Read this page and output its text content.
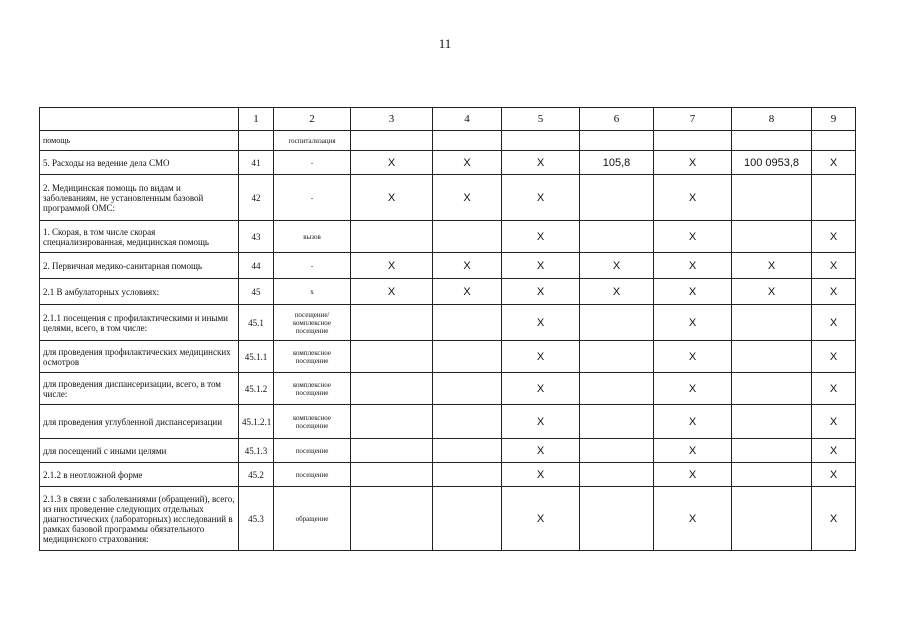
11
	1	2	3	4	5	6	7	8	9
помощь		госпитализация							
5. Расходы на ведение дела СМО	41	-	X	X	X	105,8	X	100 0953,8	X
2. Медицинская помощь по видам и заболеваниям, не установленным базовой программой ОМС:	42	-	X	X	X		X		
1. Скорая, в том числе скорая специализированная, медицинская помощь	43	вызов			X		X		X
2. Первичная медико-санитарная помощь	44	-	X	X	X	X	X	X	X
2.1 В амбулаторных условиях:	45	x	X	X	X	X	X	X	X
2.1.1 посещения с профилактическими и иными целями, всего, в том числе:	45.1	посещение/ комплексное посещение			X		X		X
для проведения профилактических медицинских осмотров	45.1.1	комплексное посещение			X		X		X
для проведения диспансеризации, всего, в том числе:	45.1.2	комплексное посещение			X		X		X
для проведения углубленной диспансеризации	45.1.2.1	комплексное посещение			X		X		X
для посещений с иными целями	45.1.3	посещение			X		X		X
2.1.2 в неотложной форме	45.2	посещение			X		X		X
2.1.3 в связи с заболеваниями (обращений), всего, из них проведение следующих отдельных диагностических (лабораторных) исследований в рамках базовой программы обязательного медицинского страхования:	45.3	обращение			X		X		X
